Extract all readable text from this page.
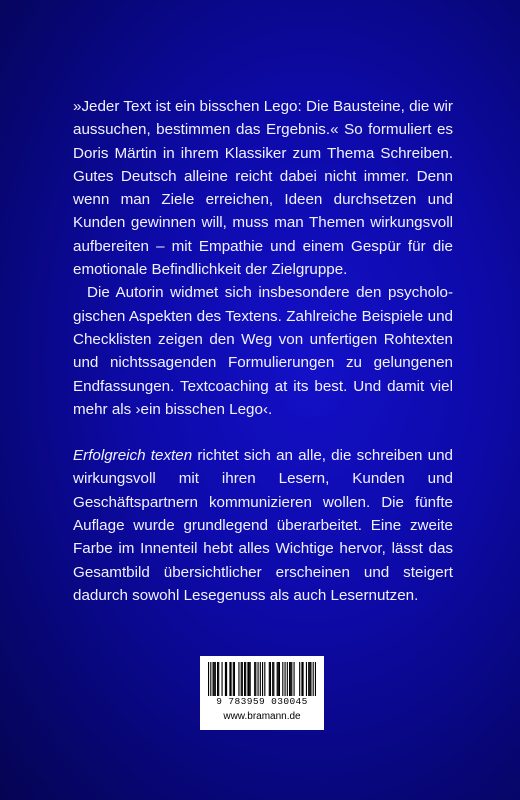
»Jeder Text ist ein bisschen Lego: Die Bausteine, die wir aussuchen, bestimmen das Ergebnis.« So formuliert es Doris Märtin in ihrem Klassiker zum Thema Schreiben. Gutes Deutsch alleine reicht dabei nicht immer. Denn wenn man Ziele erreichen, Ideen durchsetzen und Kunden gewinnen will, muss man Themen wirkungsvoll aufbereiten – mit Empathie und einem Gespür für die emotionale Befindlichkeit der Zielgruppe.

Die Autorin widmet sich insbesondere den psychologischen Aspekten des Textens. Zahlreiche Beispiele und Checklisten zeigen den Weg von unfertigen Rohtexten und nichtssagenden Formulierungen zu gelungenen Endfassungen. Textcoaching at its best. Und damit viel mehr als ›ein bisschen Lego‹.

Erfolgreich texten richtet sich an alle, die schreiben und wirkungsvoll mit ihren Lesern, Kunden und Geschäftspartnern kommunizieren wollen. Die fünfte Auflage wurde grundlegend überarbeitet. Eine zweite Farbe im Innenteil hebt alles Wichtige hervor, lässt das Gesamtbild übersichtlicher erscheinen und steigert dadurch sowohl Lesegenuss als auch Lesernutzen.

9 783959 030045
www.bramann.de
